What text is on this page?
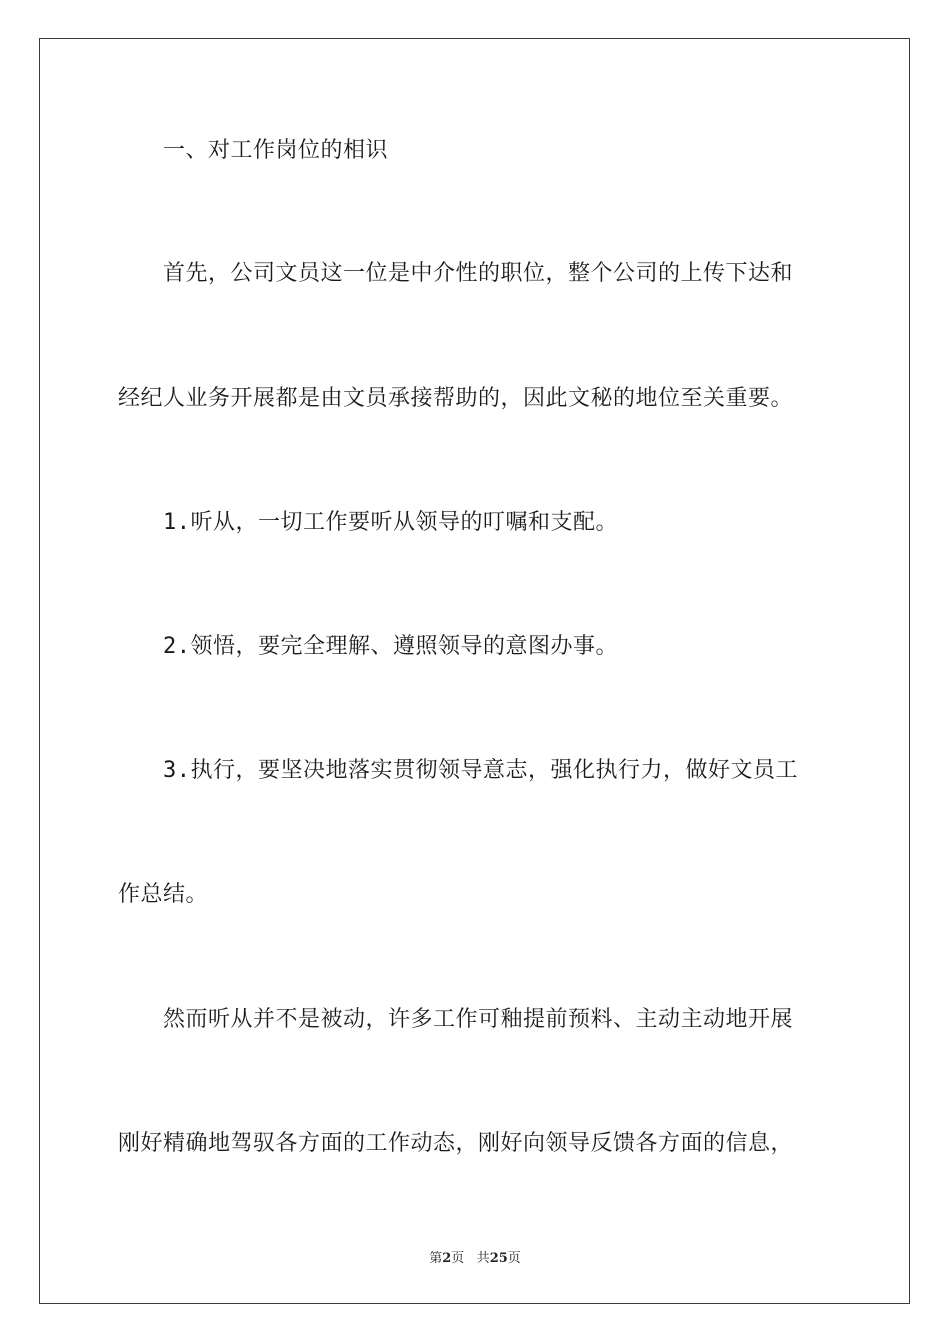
一、对工作岗位的相识
首先，公司文员这一位是中介性的职位，整个公司的上传下达和
经纪人业务开展都是由文员承接帮助的，因此文秘的地位至关重要。
1.听从，一切工作要听从领导的叮嘱和支配。
2.领悟，要完全理解、遵照领导的意图办事。
3.执行，要坚决地落实贯彻领导意志，强化执行力，做好文员工
作总结。
然而听从并不是被动，许多工作可釉提前预料、主动主动地开展
刚好精确地驾驭各方面的工作动态，刚好向领导反馈各方面的信息，
第2页 共25页
